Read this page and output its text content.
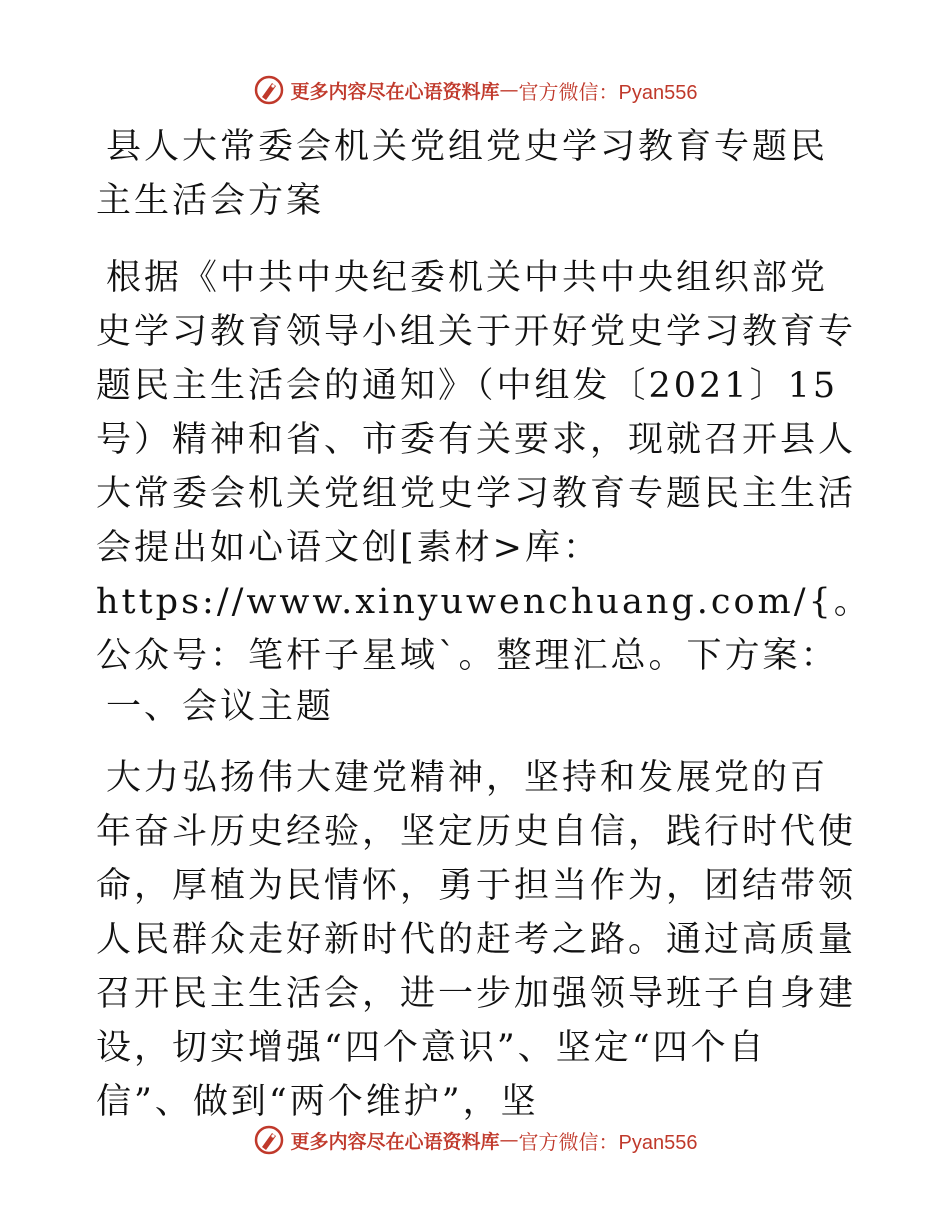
更多内容尽在心语资料库 — 官方微信：Pyan556

县人大常委会机关党组党史学习教育专题民主生活会方案

根据《中共中央纪委机关中共中央组织部党史学习教育领导小组关于开好党史学习教育专题民主生活会的通知》（中组发〔2021〕15号）精神和省、市委有关要求，现就召开县人大常委会机关党组党史学习教育专题民主生活会提出如心语文创[素材>库：https://www.xinyuwenchuang.com/{。公众号：笔杆子星域`。整理汇总。下方案：

一、会议主题

大力弘扬伟大建党精神，坚持和发展党的百年奋斗历史经验，坚定历史自信，践行时代使命，厚植为民情怀，勇于担当作为，团结带领人民群众走好新时代的赶考之路。通过高质量召开民主生活会，进一步加强领导班子自身建设，切实增强“四个意识”、坚定“四个自信”、做到“两个维护”，坚

更多内容尽在心语资料库 — 官方微信：Pyan556
